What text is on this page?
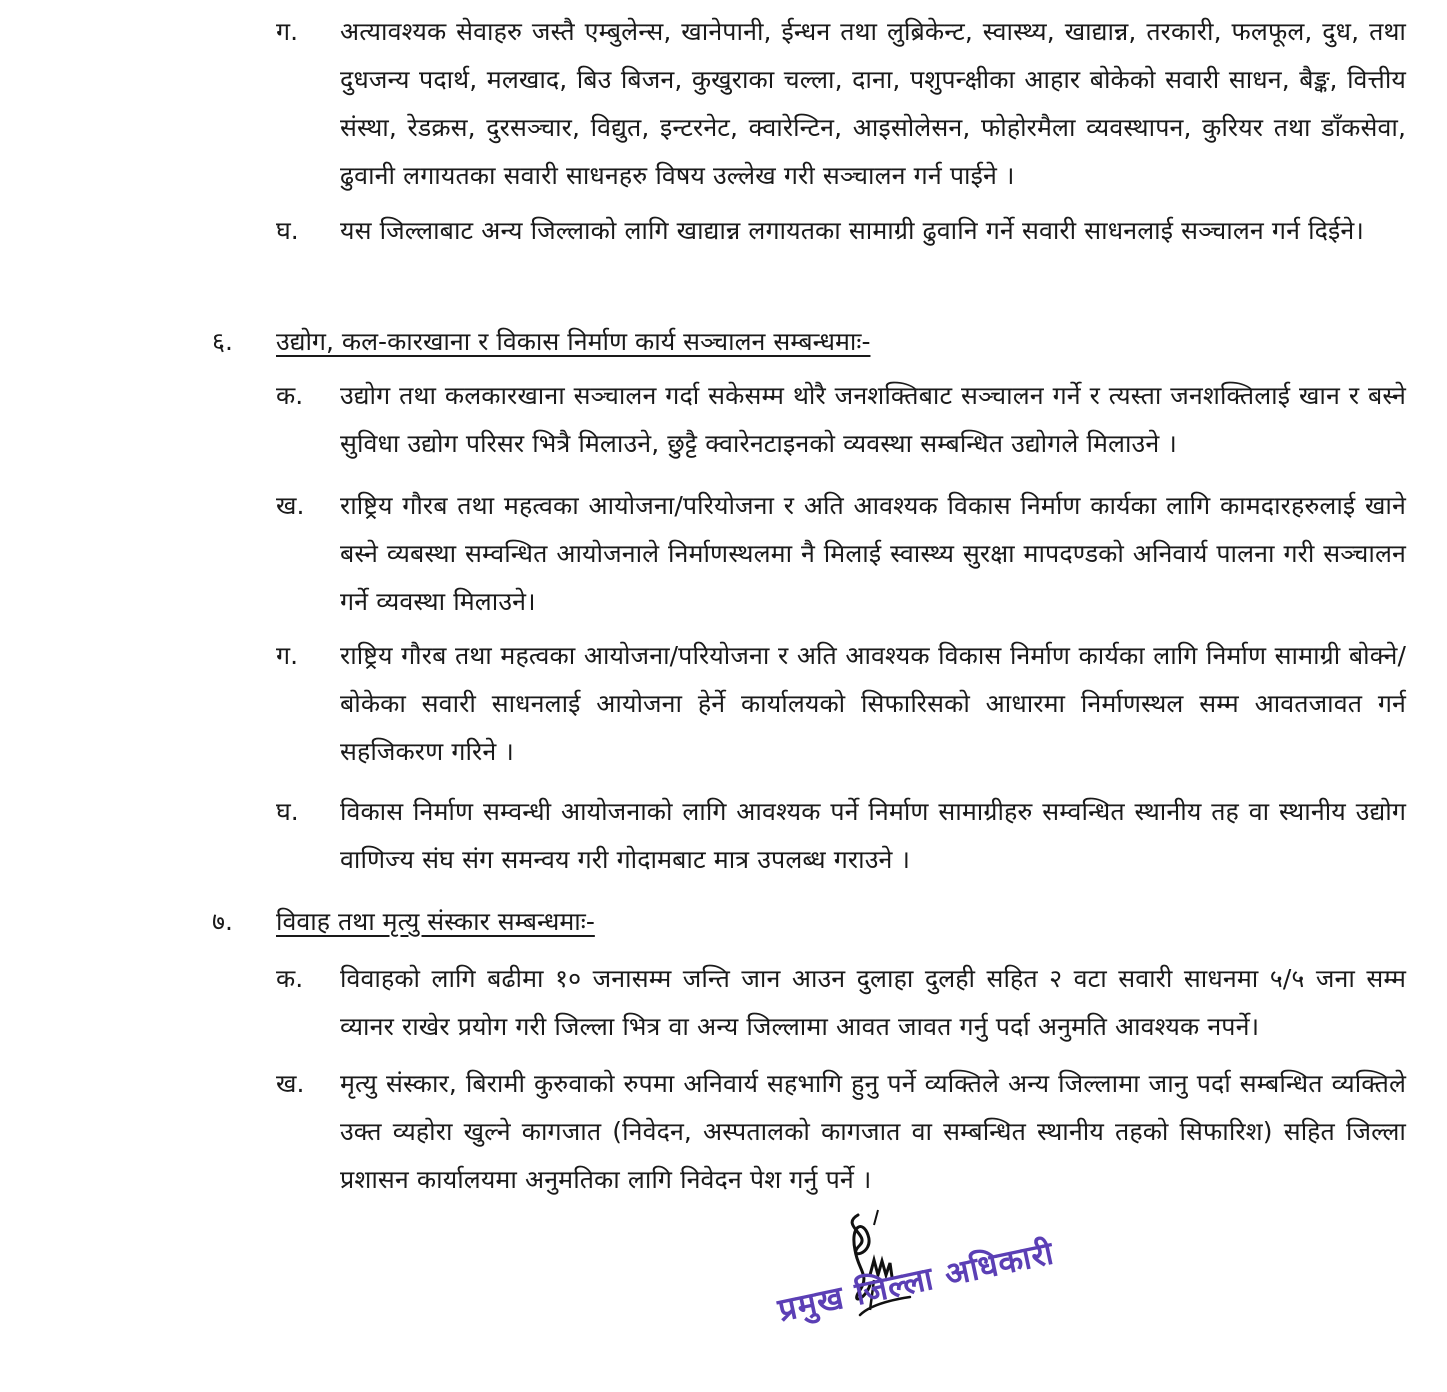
ग.	अत्यावश्यक सेवाहरु जस्तै एम्बुलेन्स, खानेपानी, ईन्धन तथा लुब्रिकेन्ट, स्वास्थ्य, खाद्यान्न, तरकारी, फलफूल, दुध, तथा दुधजन्य पदार्थ, मलखाद, बिउ बिजन, कुखुराका चल्ला, दाना, पशुपन्क्षीका आहार बोकेको सवारी साधन, बैङ्क, वित्तीय संस्था, रेडक्रस, दुरसञ्चार, विद्युत, इन्टरनेट, क्वारेन्टिन, आइसोलेसन, फोहोरमैला व्यवस्थापन, कुरियर तथा डाँकसेवा, ढुवानी लगायतका सवारी साधनहरु विषय उल्लेख गरी सञ्चालन गर्न पाईने ।
घ.	यस जिल्लाबाट अन्य जिल्लाको लागि खाद्यान्न लगायतका सामाग्री ढुवानि गर्ने सवारी साधनलाई सञ्चालन गर्न दिईने।
६. उद्योग, कल-कारखाना र विकास निर्माण कार्य सञ्चालन सम्बन्धमाः-
क.	उद्योग तथा कलकारखाना सञ्चालन गर्दा सकेसम्म थोरै जनशक्तिबाट सञ्चालन गर्ने र त्यस्ता जनशक्तिलाई खान र बस्ने सुविधा उद्योग परिसर भित्रै मिलाउने, छुट्टै क्वारेनटाइनको व्यवस्था सम्बन्धित उद्योगले मिलाउने ।
ख.	राष्ट्रिय गौरब तथा महत्वका आयोजना/परियोजना र अति आवश्यक विकास निर्माण कार्यका लागि कामदारहरुलाई खाने बस्ने व्यबस्था सम्वन्धित आयोजनाले निर्माणस्थलमा नै मिलाई स्वास्थ्य सुरक्षा मापदण्डको अनिवार्य पालना गरी सञ्चालन गर्ने व्यवस्था मिलाउने।
ग.	राष्ट्रिय गौरब तथा महत्वका आयोजना/परियोजना र अति आवश्यक विकास निर्माण कार्यका लागि निर्माण सामाग्री बोक्ने/बोकेका सवारी साधनलाई आयोजना हेर्ने कार्यालयको सिफारिसको आधारमा निर्माणस्थल सम्म आवतजावत गर्न सहजिकरण गरिने ।
घ.	विकास निर्माण सम्वन्धी आयोजनाको लागि आवश्यक पर्ने निर्माण सामाग्रीहरु सम्वन्धित स्थानीय तह वा स्थानीय उद्योग वाणिज्य संघ संग समन्वय गरी गोदामबाट मात्र उपलब्ध गराउने ।
७. विवाह तथा मृत्यु संस्कार सम्बन्धमाः-
क.	विवाहको लागि बढीमा १० जनासम्म जन्ति जान आउन दुलाहा दुलही सहित २ वटा सवारी साधनमा ५/५ जना सम्म व्यानर राखेर प्रयोग गरी जिल्ला भित्र वा अन्य जिल्लामा आवत जावत गर्नु पर्दा अनुमति आवश्यक नपर्ने।
ख.	मृत्यु संस्कार, बिरामी कुरुवाको रुपमा अनिवार्य सहभागि हुनु पर्ने व्यक्तिले अन्य जिल्लामा जानु पर्दा सम्बन्धित व्यक्तिले उक्त व्यहोरा खुल्ने कागजात (निवेदन, अस्पतालको कागजात वा सम्बन्धित स्थानीय तहको सिफारिश) सहित जिल्ला प्रशासन कार्यालयमा अनुमतिका लागि निवेदन पेश गर्नु पर्ने ।
प्रमुख जिल्ला अधिकारी
